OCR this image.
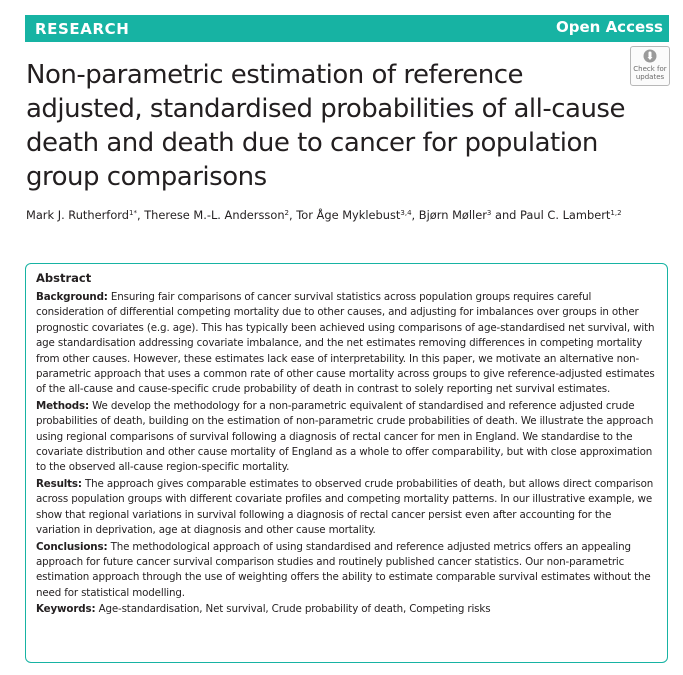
RESEARCH	Open Access
Non-parametric estimation of reference adjusted, standardised probabilities of all-cause death and death due to cancer for population group comparisons
Check for
updates
Mark J. Rutherford$^{1*}$, Therese M.-L. Andersson$^2$, Tor Åge Myklebust$^{3,4}$, Bjørn Møller$^3$ and Paul C. Lambert$^{1,2}$
Abstract

Background: Ensuring fair comparisons of cancer survival statistics across population groups requires careful consideration of differential competing mortality due to other causes, and adjusting for imbalances over groups in other prognostic covariates (e.g. age). This has typically been achieved using comparisons of age-standardised net survival, with age standardisation addressing covariate imbalance, and the net estimates removing differences in competing mortality from other causes. However, these estimates lack ease of interpretability. In this paper, we motivate an alternative non-parametric approach that uses a common rate of other cause mortality across groups to give reference-adjusted estimates of the all-cause and cause-specific crude probability of death in contrast to solely reporting net survival estimates.

Methods: We develop the methodology for a non-parametric equivalent of standardised and reference adjusted crude probabilities of death, building on the estimation of non-parametric crude probabilities of death. We illustrate the approach using regional comparisons of survival following a diagnosis of rectal cancer for men in England. We standardise to the covariate distribution and other cause mortality of England as a whole to offer comparability, but with close approximation to the observed all-cause region-specific mortality.

Results: The approach gives comparable estimates to observed crude probabilities of death, but allows direct comparison across population groups with different covariate profiles and competing mortality patterns. In our illustrative example, we show that regional variations in survival following a diagnosis of rectal cancer persist even after accounting for the variation in deprivation, age at diagnosis and other cause mortality.

Conclusions: The methodological approach of using standardised and reference adjusted metrics offers an appealing approach for future cancer survival comparison studies and routinely published cancer statistics. Our non-parametric estimation approach through the use of weighting offers the ability to estimate comparable survival estimates without the need for statistical modelling.

Keywords: Age-standardisation, Net survival, Crude probability of death, Competing risks
